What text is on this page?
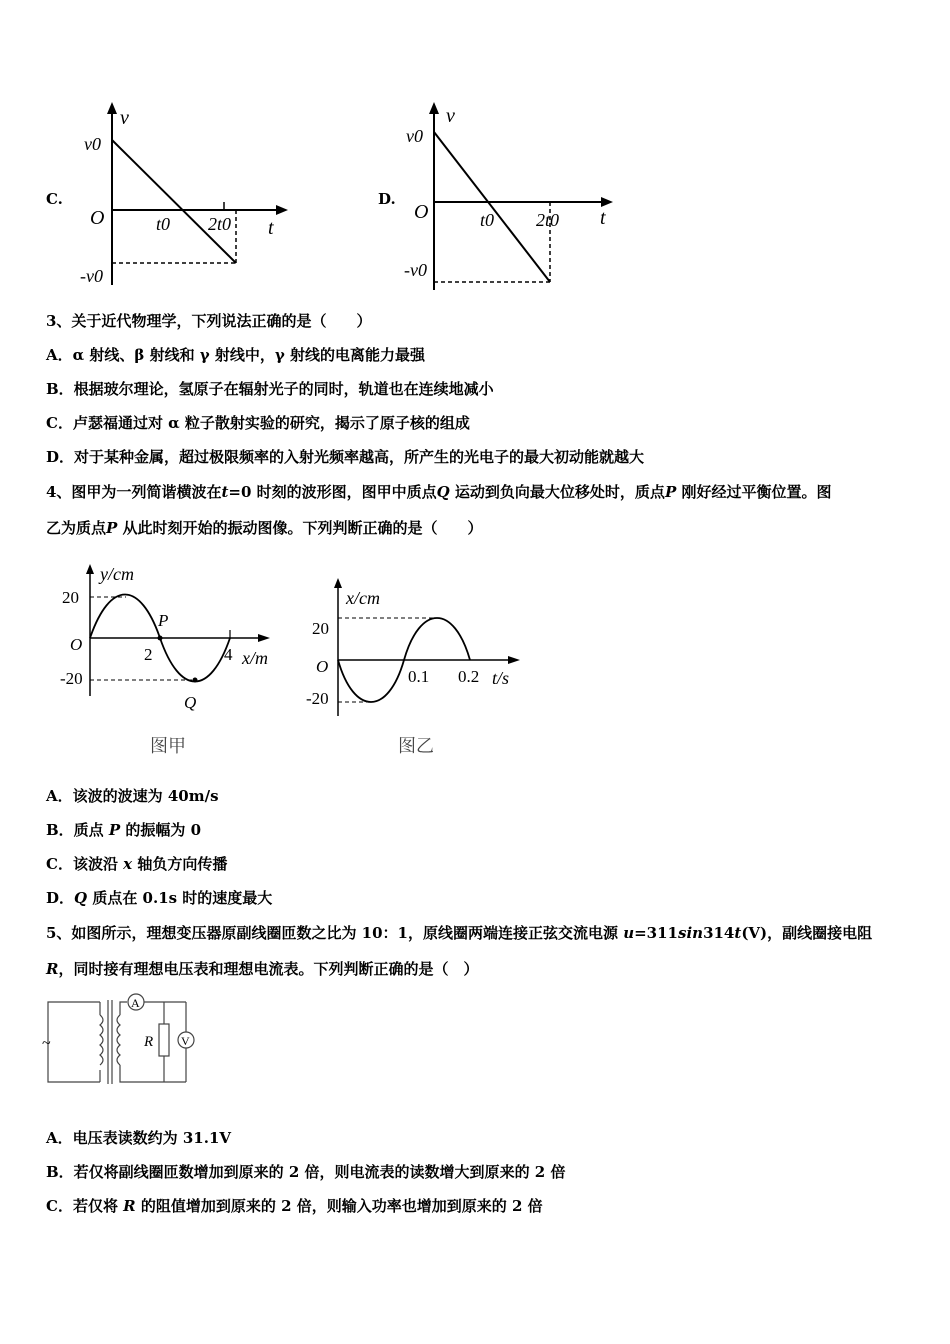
C.
v
v0
O	t0 2t0 t
-v0
D.
v
v0
O	t0 2t0 t
-v0
3、关于近代物理学，下列说法正确的是（　　）
A．α 射线、β 射线和 γ 射线中，γ 射线的电离能力最强
B．根据玻尔理论，氢原子在辐射光子的同时，轨道也在连续地减小
C．卢瑟福通过对 α 粒子散射实验的研究，揭示了原子核的组成
D．对于某种金属，超过极限频率的入射光频率越高，所产生的光电子的最大初动能就越大
4、图甲为一列简谐横波在t=0 时刻的波形图，图甲中质点Q 运动到负向最大位移处时，质点P 刚好经过平衡位置。图
乙为质点P 从此时刻开始的振动图像。下列判断正确的是（　　）
y/cm
20
O
-20
P
2	4 x/m
Q
图甲
x/cm
20
O
-20
0.1 0.2 t/s
图乙
A．该波的波速为 40m/s
B．质点 P 的振幅为 0
C．该波沿 x 轴负方向传播
D．Q 质点在 0.1s 时的速度最大
5、如图所示，理想变压器原副线圈匝数之比为 10：1，原线圈两端连接正弦交流电源 u=311sin314t(V)，副线圈接电阻
R，同时接有理想电压表和理想电流表。下列判断正确的是（　）
~
A
R V
A．电压表读数约为 31.1V
B．若仅将副线圈匝数增加到原来的 2 倍，则电流表的读数增大到原来的 2 倍
C．若仅将 R 的阻值增加到原来的 2 倍，则输入功率也增加到原来的 2 倍
